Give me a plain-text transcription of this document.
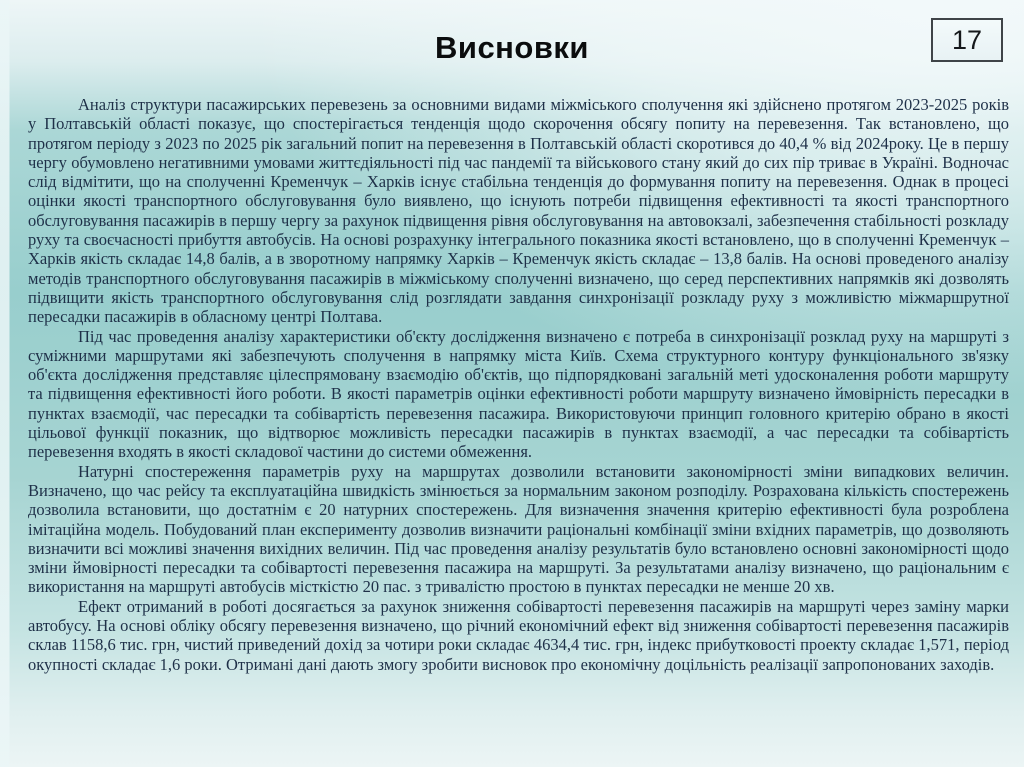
17
Висновки

Аналіз структури пасажирських перевезень за основними видами міжміського сполучення які здійснено протягом 2023-2025 років у Полтавській області показує, що спостерігається тенденція щодо скорочення обсягу попиту на перевезення. Так встановлено, що протягом періоду з 2023 по 2025 рік загальний попит на перевезення в Полтавській області скоротився до 40,4 % від 2024року. Це в першу чергу обумовлено негативними умовами життєдіяльності під час пандемії та військового стану який до сих пір триває в Україні. Водночас слід відмітити, що на сполученні Кременчук – Харків існує стабільна тенденція до формування попиту на перевезення. Однак в процесі оцінки якості транспортного обслуговування було виявлено, що існують потреби підвищення ефективності та якості транспортного обслуговування пасажирів в першу чергу за рахунок підвищення рівня обслуговування на автовокзалі, забезпечення стабільності розкладу руху та своєчасності прибуття автобусів. На основі розрахунку інтегрального показника якості встановлено, що в сполученні Кременчук – Харків якість складає 14,8 балів, а в зворотному напрямку Харків – Кременчук якість складає – 13,8 балів. На основі проведеного аналізу методів транспортного обслуговування пасажирів в міжміському сполученні визначено, що серед перспективних напрямків які дозволять підвищити якість транспортного обслуговування слід розглядати завдання синхронізації розкладу руху з можливістю міжмаршрутної пересадки пасажирів в обласному центрі Полтава.

Під час проведення аналізу характеристики об'єкту дослідження визначено є потреба в синхронізації розклад руху на маршруті з суміжними маршрутами які забезпечують сполучення в напрямку міста Київ. Схема структурного контуру функціонального зв'язку об'єкта дослідження представляє цілеспрямовану взаємодію об'єктів, що підпорядковані загальній меті удосконалення роботи маршруту та підвищення ефективності його роботи. В якості параметрів оцінки ефективності роботи маршруту визначено ймовірність пересадки в пунктах взаємодії, час пересадки та собівартість перевезення пасажира. Використовуючи принцип головного критерію обрано в якості цільової функції показник, що відтворює можливість пересадки пасажирів в пунктах взаємодії, а час пересадки та собівартість перевезення входять в якості складової частини до системи обмеження.

Натурні спостереження параметрів руху на маршрутах дозволили встановити закономірності зміни випадкових величин. Визначено, що час рейсу та експлуатаційна швидкість змінюється за нормальним законом розподілу. Розрахована кількість спостережень дозволила встановити, що достатнім є 20 натурних спостережень. Для визначення значення критерію ефективності була розроблена імітаційна модель. Побудований план експерименту дозволив визначити раціональні комбінації зміни вхідних параметрів, що дозволяють визначити всі можливі значення вихідних величин. Під час проведення аналізу результатів було встановлено основні закономірності щодо зміни ймовірності пересадки та собівартості перевезення пасажира на маршруті. За результатами аналізу визначено, що раціональним є використання на маршруті автобусів місткістю 20 пас. з тривалістю простою в пунктах пересадки не менше 20 хв.

Ефект отриманий в роботі досягається за рахунок зниження собівартості перевезення пасажирів на маршруті через заміну марки автобусу. На основі обліку обсягу перевезення визначено, що річний економічний ефект від зниження собівартості перевезення пасажирів склав 1158,6 тис. грн, чистий приведений дохід за чотири роки складає 4634,4 тис. грн, індекс прибутковості проекту складає 1,571, період окупності складає 1,6 роки. Отримані дані дають змогу зробити висновок про економічну доцільність реалізації запропонованих заходів.
